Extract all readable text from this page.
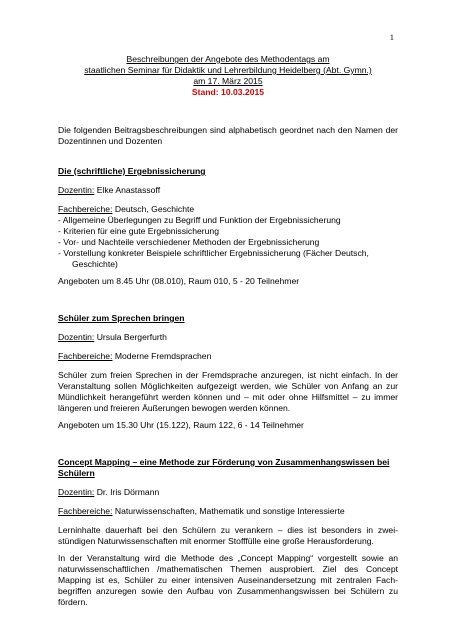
1
Beschreibungen der Angebote des Methodentags am
staatlichen Seminar für Didaktik und Lehrerbildung Heidelberg (Abt. Gymn.)
am 17. März 2015
Stand: 10.03.2015

Die folgenden Beitragsbeschreibungen sind alphabetisch geordnet nach den Namen der Dozentinnen und Dozenten

Die (schriftliche) Ergebnissicherung

Dozentin: Elke Anastassoff

Fachbereiche: Deutsch, Geschichte

- Allgemeine Überlegungen zu Begriff und Funktion der Ergebnissicherung
- Kriterien für eine gute Ergebnissicherung
- Vor- und Nachteile verschiedener Methoden der Ergebnissicherung
- Vorstellung konkreter Beispiele schriftlicher Ergebnissicherung (Fächer Deutsch,
Geschichte)

Angeboten um 8.45 Uhr (08.010), Raum 010, 5 - 20 Teilnehmer

Schüler zum Sprechen bringen

Dozentin: Ursula Bergerfurth

Fachbereiche: Moderne Fremdsprachen

Schüler zum freien Sprechen in der Fremdsprache anzuregen, ist nicht einfach. In der Veranstaltung sollen Möglichkeiten aufgezeigt werden, wie Schüler von Anfang an zur Mündlichkeit herangeführt werden können und – mit oder ohne Hilfsmittel – zu immer längeren und freieren Äußerungen bewogen werden können.

Angeboten um 15.30 Uhr (15.122), Raum 122, 6 - 14 Teilnehmer

Concept Mapping – eine Methode zur Förderung von Zusammenhangswissen bei Schülern

Dozentin: Dr. Iris Dörmann

Fachbereiche: Naturwissenschaften, Mathematik und sonstige Interessierte

Lerninhalte dauerhaft bei den Schülern zu verankern – dies ist besonders in zwei-stündigen Naturwissenschaften mit enormer Stofffülle eine große Herausforderung.

In der Veranstaltung wird die Methode des „Concept Mapping“ vorgestellt sowie an naturwissenschaftlichen /mathematischen Themen ausprobiert. Ziel des Concept Mapping ist es, Schüler zu einer intensiven Auseinandersetzung mit zentralen Fach-begriffen anzuregen sowie den Aufbau von Zusammenhangswissen bei Schülern zu fördern.
